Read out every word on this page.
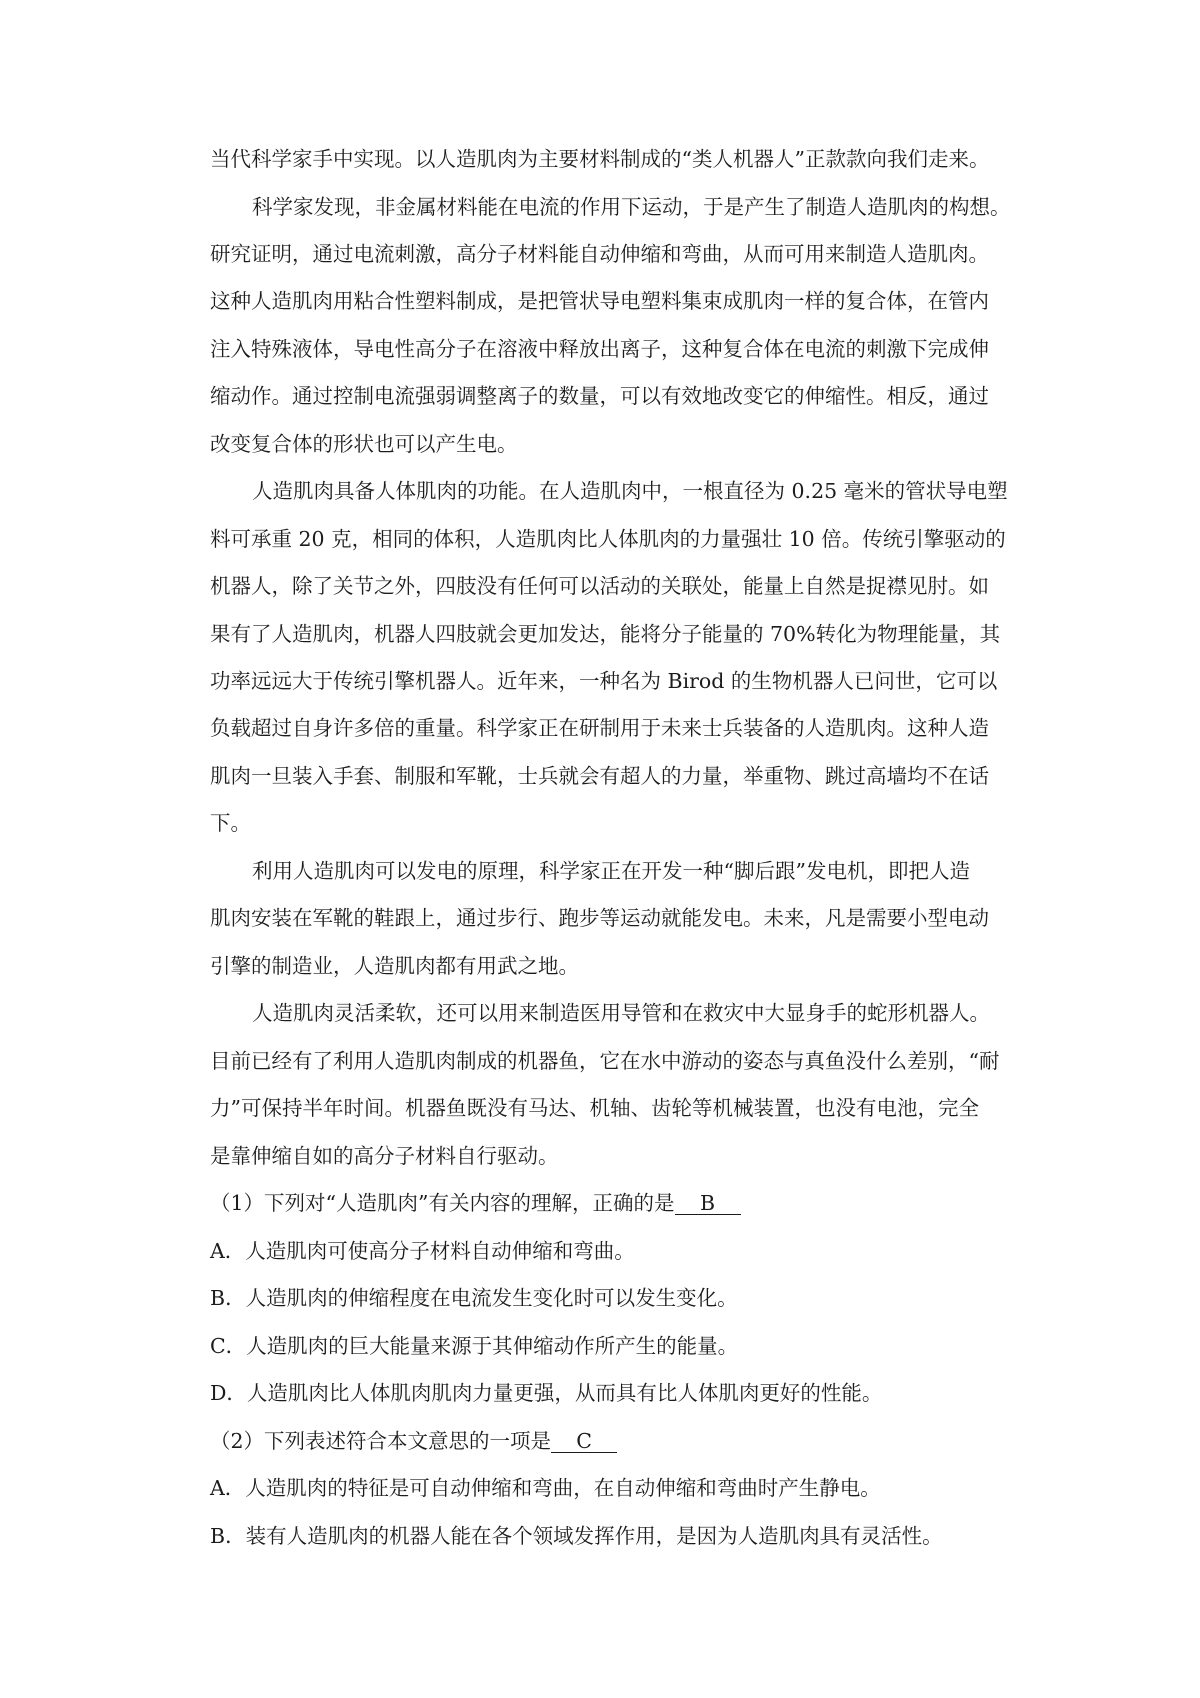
当代科学家手中实现。以人造肌肉为主要材料制成的“类人机器人”正款款向我们走来。
科学家发现，非金属材料能在电流的作用下运动，于是产生了制造人造肌肉的构想。
研究证明，通过电流刺激，高分子材料能自动伸缩和弯曲，从而可用来制造人造肌肉。
这种人造肌肉用粘合性塑料制成，是把管状导电塑料集束成肌肉一样的复合体，在管内
注入特殊液体，导电性高分子在溶液中释放出离子，这种复合体在电流的刺激下完成伸
缩动作。通过控制电流强弱调整离子的数量，可以有效地改变它的伸缩性。相反，通过
改变复合体的形状也可以产生电。
人造肌肉具备人体肌肉的功能。在人造肌肉中，一根直径为 0.25 毫米的管状导电塑
料可承重 20 克，相同的体积，人造肌肉比人体肌肉的力量强壮 10 倍。传统引擎驱动的
机器人，除了关节之外，四肢没有任何可以活动的关联处，能量上自然是捉襟见肘。如
果有了人造肌肉，机器人四肢就会更加发达，能将分子能量的 70%转化为物理能量，其
功率远远大于传统引擎机器人。近年来，一种名为 Birod 的生物机器人已问世，它可以
负载超过自身许多倍的重量。科学家正在研制用于未来士兵装备的人造肌肉。这种人造
肌肉一旦装入手套、制服和军靴，士兵就会有超人的力量，举重物、跳过高墙均不在话
下。
利用人造肌肉可以发电的原理，科学家正在开发一种“脚后跟”发电机，即把人造
肌肉安装在军靴的鞋跟上，通过步行、跑步等运动就能发电。未来，凡是需要小型电动
引擎的制造业，人造肌肉都有用武之地。
人造肌肉灵活柔软，还可以用来制造医用导管和在救灾中大显身手的蛇形机器人。
目前已经有了利用人造肌肉制成的机器鱼，它在水中游动的姿态与真鱼没什么差别，“耐
力”可保持半年时间。机器鱼既没有马达、机轴、齿轮等机械装置，也没有电池，完全
是靠伸缩自如的高分子材料自行驱动。
（1）下列对“人造肌肉”有关内容的理解，正确的是 B
A．人造肌肉可使高分子材料自动伸缩和弯曲。
B．人造肌肉的伸缩程度在电流发生变化时可以发生变化。
C．人造肌肉的巨大能量来源于其伸缩动作所产生的能量。
D．人造肌肉比人体肌肉肌肉力量更强，从而具有比人体肌肉更好的性能。
（2）下列表述符合本文意思的一项是 C
A．人造肌肉的特征是可自动伸缩和弯曲，在自动伸缩和弯曲时产生静电。
B．装有人造肌肉的机器人能在各个领域发挥作用，是因为人造肌肉具有灵活性。
